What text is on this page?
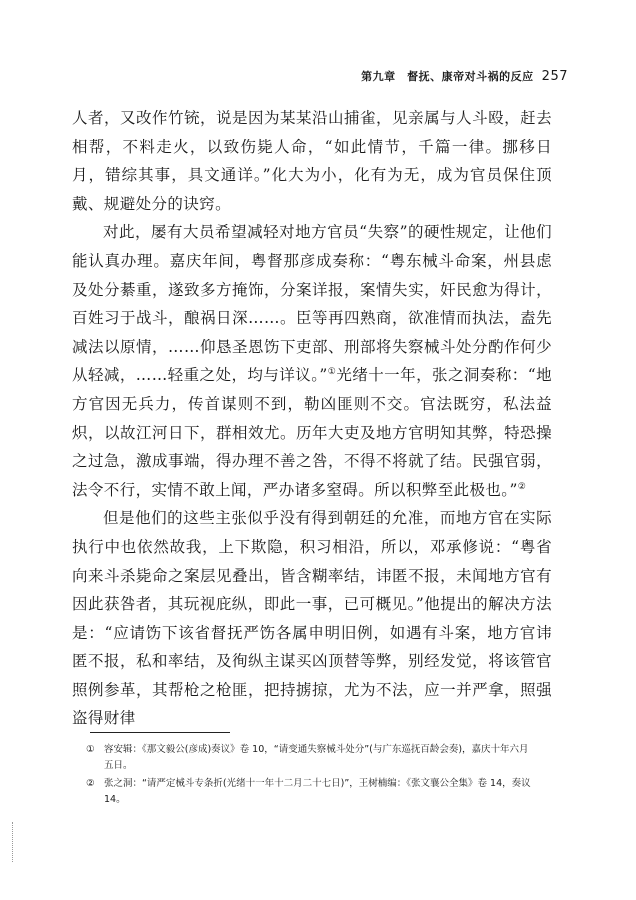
第九章　督抚、康帝对斗祸的反应 257

人者，又改作竹铳，说是因为某某沿山捕雀，见亲属与人斗殴，赶去相帮，不料走火，以致伤毙人命，“如此情节，千篇一律。挪移日月，错综其事，具文通详。”化大为小，化有为无，成为官员保住顶戴、规避处分的诀窍。

对此，屡有大员希望减轻对地方官员“失察”的硬性规定，让他们能认真办理。嘉庆年间，粤督那彦成奏称：“粤东械斗命案，州县虑及处分綦重，遂致多方掩饰，分案详报，案情失实，奸民愈为得计，百姓习于战斗，酿祸日深……。臣等再四熟商，欲准情而执法，盍先减法以原情，……仰恳圣恩饬下吏部、刑部将失察械斗处分酌作何少从轻减，……轻重之处，均与详议。”①光绪十一年，张之洞奏称：“地方官因无兵力，传首谋则不到，勒凶匪则不交。官法既穷，私法益炽，以故江河日下，群相效尤。历年大吏及地方官明知其弊，特恐操之过急，激成事端，得办理不善之咎，不得不将就了结。民强官弱，法令不行，实情不敢上闻，严办诸多窒碍。所以积弊至此极也。”②

但是他们的这些主张似乎没有得到朝廷的允准，而地方官在实际执行中也依然故我，上下欺隐，积习相沿，所以，邓承修说：“粤省向来斗杀毙命之案层见叠出，皆含糊率结，讳匿不报，未闻地方官有因此获咎者，其玩视庇纵，即此一事，已可概见。”他提出的解决方法是：“应请饬下该省督抚严饬各属申明旧例，如遇有斗案，地方官讳匿不报，私和率结，及徇纵主谋买凶顶替等弊，别经发觉，将该管官照例参革，其帮枪之枪匪，把持掳掠，尤为不法，应一并严拿，照强盗得财律

① 容安辑：《那文毅公(彦成)奏议》卷 10，“请变通失察械斗处分”(与广东巡抚百龄会奏)，嘉庆十年六月五日。
② 张之洞：“请严定械斗专条折(光绪十一年十二月二十七日)”，王树楠编：《张文襄公全集》卷 14，奏议 14。
